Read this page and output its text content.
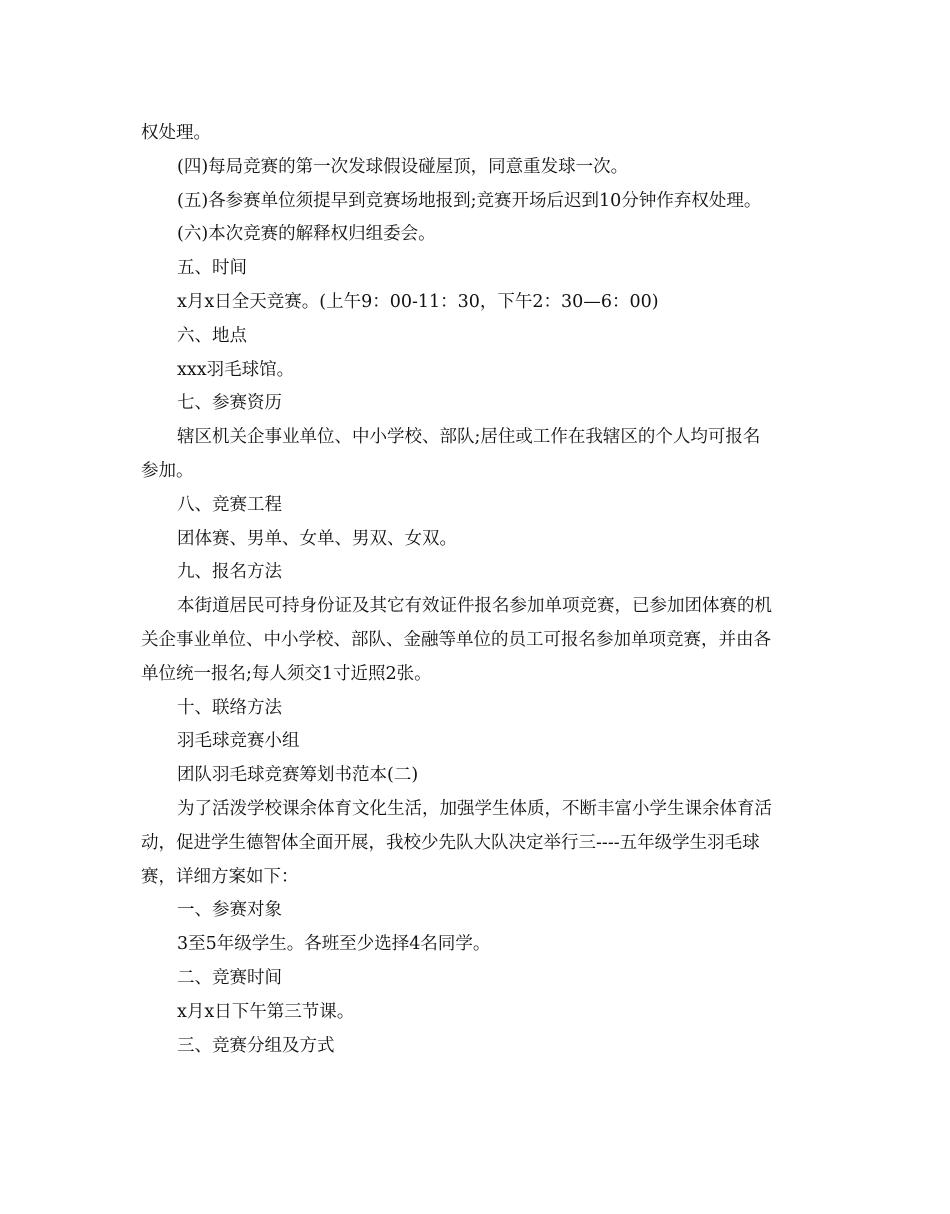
权处理。
(四)每局竞赛的第一次发球假设碰屋顶，同意重发球一次。
(五)各参赛单位须提早到竞赛场地报到;竞赛开场后迟到10分钟作弃权处理。
(六)本次竞赛的解释权归组委会。
五、时间
x月x日全天竞赛。(上午9：00-11：30，下午2：30—6：00)
六、地点
xxx羽毛球馆。
七、参赛资历
辖区机关企事业单位、中小学校、部队;居住或工作在我辖区的个人均可报名
参加。
八、竞赛工程
团体赛、男单、女单、男双、女双。
九、报名方法
本街道居民可持身份证及其它有效证件报名参加单项竞赛，已参加团体赛的机
关企事业单位、中小学校、部队、金融等单位的员工可报名参加单项竞赛，并由各
单位统一报名;每人须交1寸近照2张。
十、联络方法
羽毛球竞赛小组
团队羽毛球竞赛筹划书范本(二)
为了活泼学校课余体育文化生活，加强学生体质，不断丰富小学生课余体育活
动，促进学生德智体全面开展，我校少先队大队决定举行三----五年级学生羽毛球
赛，详细方案如下：
一、参赛对象
3至5年级学生。各班至少选择4名同学。
二、竞赛时间
x月x日下午第三节课。
三、竞赛分组及方式
